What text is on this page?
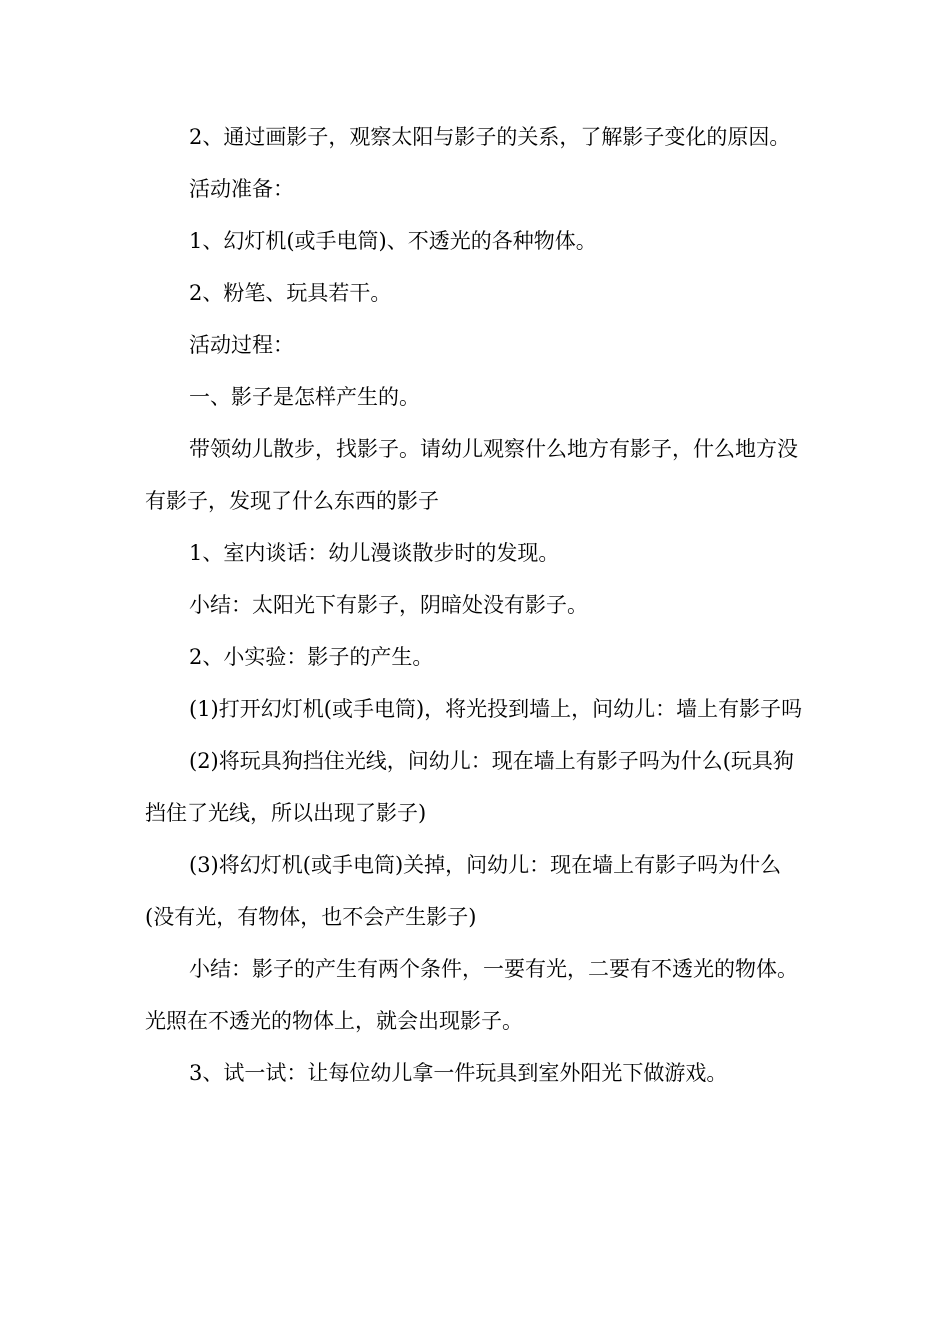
2、通过画影子，观察太阳与影子的关系，了解影子变化的原因。

活动准备：

1、幻灯机(或手电筒)、不透光的各种物体。

2、粉笔、玩具若干。

活动过程：

一、影子是怎样产生的。

带领幼儿散步，找影子。请幼儿观察什么地方有影子，什么地方没有影子，发现了什么东西的影子

1、室内谈话：幼儿漫谈散步时的发现。

小结：太阳光下有影子，阴暗处没有影子。

2、小实验：影子的产生。

(1)打开幻灯机(或手电筒)，将光投到墙上，问幼儿：墙上有影子吗

(2)将玩具狗挡住光线，问幼儿：现在墙上有影子吗为什么(玩具狗挡住了光线，所以出现了影子)

(3)将幻灯机(或手电筒)关掉，问幼儿：现在墙上有影子吗为什么(没有光，有物体，也不会产生影子)

小结：影子的产生有两个条件，一要有光，二要有不透光的物体。光照在不透光的物体上，就会出现影子。

3、试一试：让每位幼儿拿一件玩具到室外阳光下做游戏。
